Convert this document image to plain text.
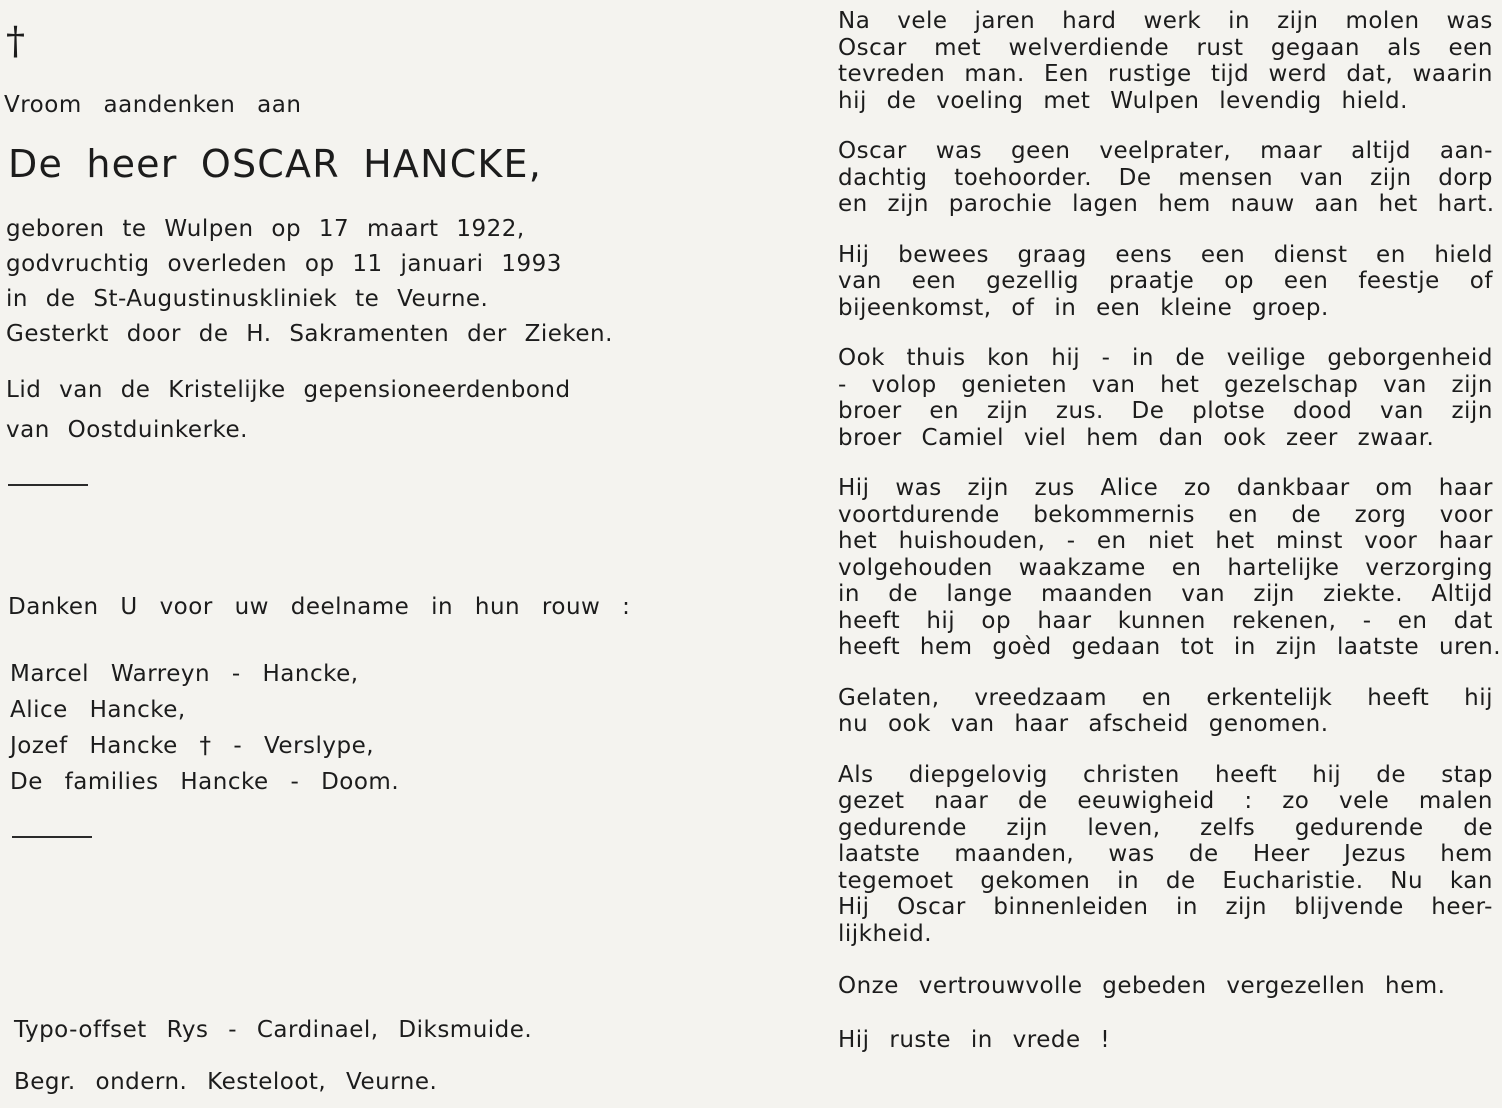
†
Vroom aandenken aan
De heer OSCAR HANCKE,
geboren te Wulpen op 17 maart 1922,
godvruchtig overleden op 11 januari 1993
in de St-Augustinuskliniek te Veurne.
Gesterkt door de H. Sakramenten der Zieken.
Lid van de Kristelijke gepensioneerdenbond
van Oostduinkerke.
Danken U voor uw deelname in hun rouw :
Marcel Warreyn - Hancke,
Alice Hancke,
Jozef Hancke † - Verslype,
De families Hancke - Doom.
Typo-offset Rys - Cardinael, Diksmuide.
Begr. ondern. Kesteloot, Veurne.
Na vele jaren hard werk in zijn molen was
Oscar met welverdiende rust gegaan als een
tevreden man. Een rustige tijd werd dat, waarin
hij de voeling met Wulpen levendig hield.
Oscar was geen veelprater, maar altijd aan-
dachtig toehoorder. De mensen van zijn dorp
en zijn parochie lagen hem nauw aan het hart.
Hij bewees graag eens een dienst en hield
van een gezellig praatje op een feestje of
bijeenkomst, of in een kleine groep.
Ook thuis kon hij - in de veilige geborgenheid
- volop genieten van het gezelschap van zijn
broer en zijn zus. De plotse dood van zijn
broer Camiel viel hem dan ook zeer zwaar.
Hij was zijn zus Alice zo dankbaar om haar
voortdurende bekommernis en de zorg voor
het huishouden, - en niet het minst voor haar
volgehouden waakzame en hartelijke verzorging
in de lange maanden van zijn ziekte. Altijd
heeft hij op haar kunnen rekenen, - en dat
heeft hem goèd gedaan tot in zijn laatste uren.
Gelaten, vreedzaam en erkentelijk heeft hij
nu ook van haar afscheid genomen.
Als diepgelovig christen heeft hij de stap
gezet naar de eeuwigheid : zo vele malen
gedurende zijn leven, zelfs gedurende de
laatste maanden, was de Heer Jezus hem
tegemoet gekomen in de Eucharistie. Nu kan
Hij Oscar binnenleiden in zijn blijvende heer-
lijkheid.
Onze vertrouwvolle gebeden vergezellen hem.
Hij ruste in vrede !
